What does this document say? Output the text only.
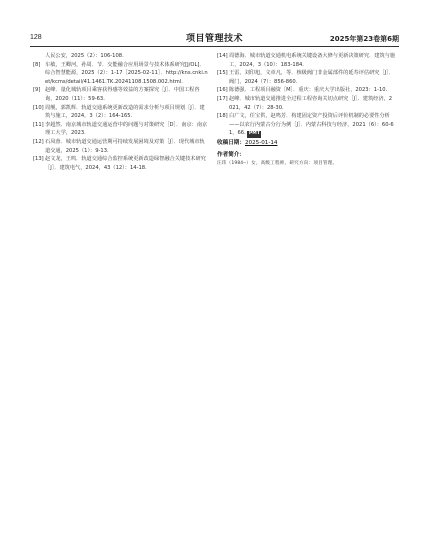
128	项目管理技术	2025年第23卷第6期
人民公安，2025（2）：106-108.
[8] 车敏，王卿河，孙周．节．交能融合应用场景与技术体系研究[J/OL]．综合智慧能源，2025（2）：1-17［2025-02-11］．http://kns.cnki.net/kcms/detail/41.1461.TK.20241108.1508.002.html.
[9] 赵峰．量化城轨项目乘客获得感等效益的方案探究［J］．中国工程咨询，2020（11）：59-63.
[10] 周舰，郭凯辉．轨道交通系统更新改造的需求分析与项目规划［J］．建筑与施工，2024，3（2）：164-165.
[11] 李超然．南京城市轨道交通运营中的问题与对策研究［D］．南京：南京理工大学，2023.
[12] 石凤蓉．城市轨道交通运营期可持续发展困境及对策［J］．现代城市轨道交通，2025（1）：9-13.
[13] 赵文龙，王鸣．轨道交通综合监控系统更新改造绿智融合关键技术研究［J］．建筑电气，2024，43（12）：14-18.
[14] 周德海．城市轨道交通机电系统关键设备大修与更新决策研究．建筑与施工，2024，3（10）：183-184.
[15] 王雷，刘印旭，文章凡，等．核级阀门非金属部件的延寿评估研究［J］．阀门，2024（7）：856-860.
[16] 陈德强．工程项目融资［M］．重庆：重庆大学出版社，2023：1-10.
[17] 赵峰．城市轨道交通推进全过程工程咨询关切点研究［J］．建筑经济，2021，42（7）：28-30.
[18] 白广文，任宝供，赵鸣芳．构建固定资产投资后评价机制的必要性分析——以农行内蒙古分行为例［J］．内蒙古科技与经济，2021（6）：60-61，66. PMT
收稿日期：2025-01-14
作者简介：
汪玮（1984—）女，高级工程师，研究方向：项目管理。
